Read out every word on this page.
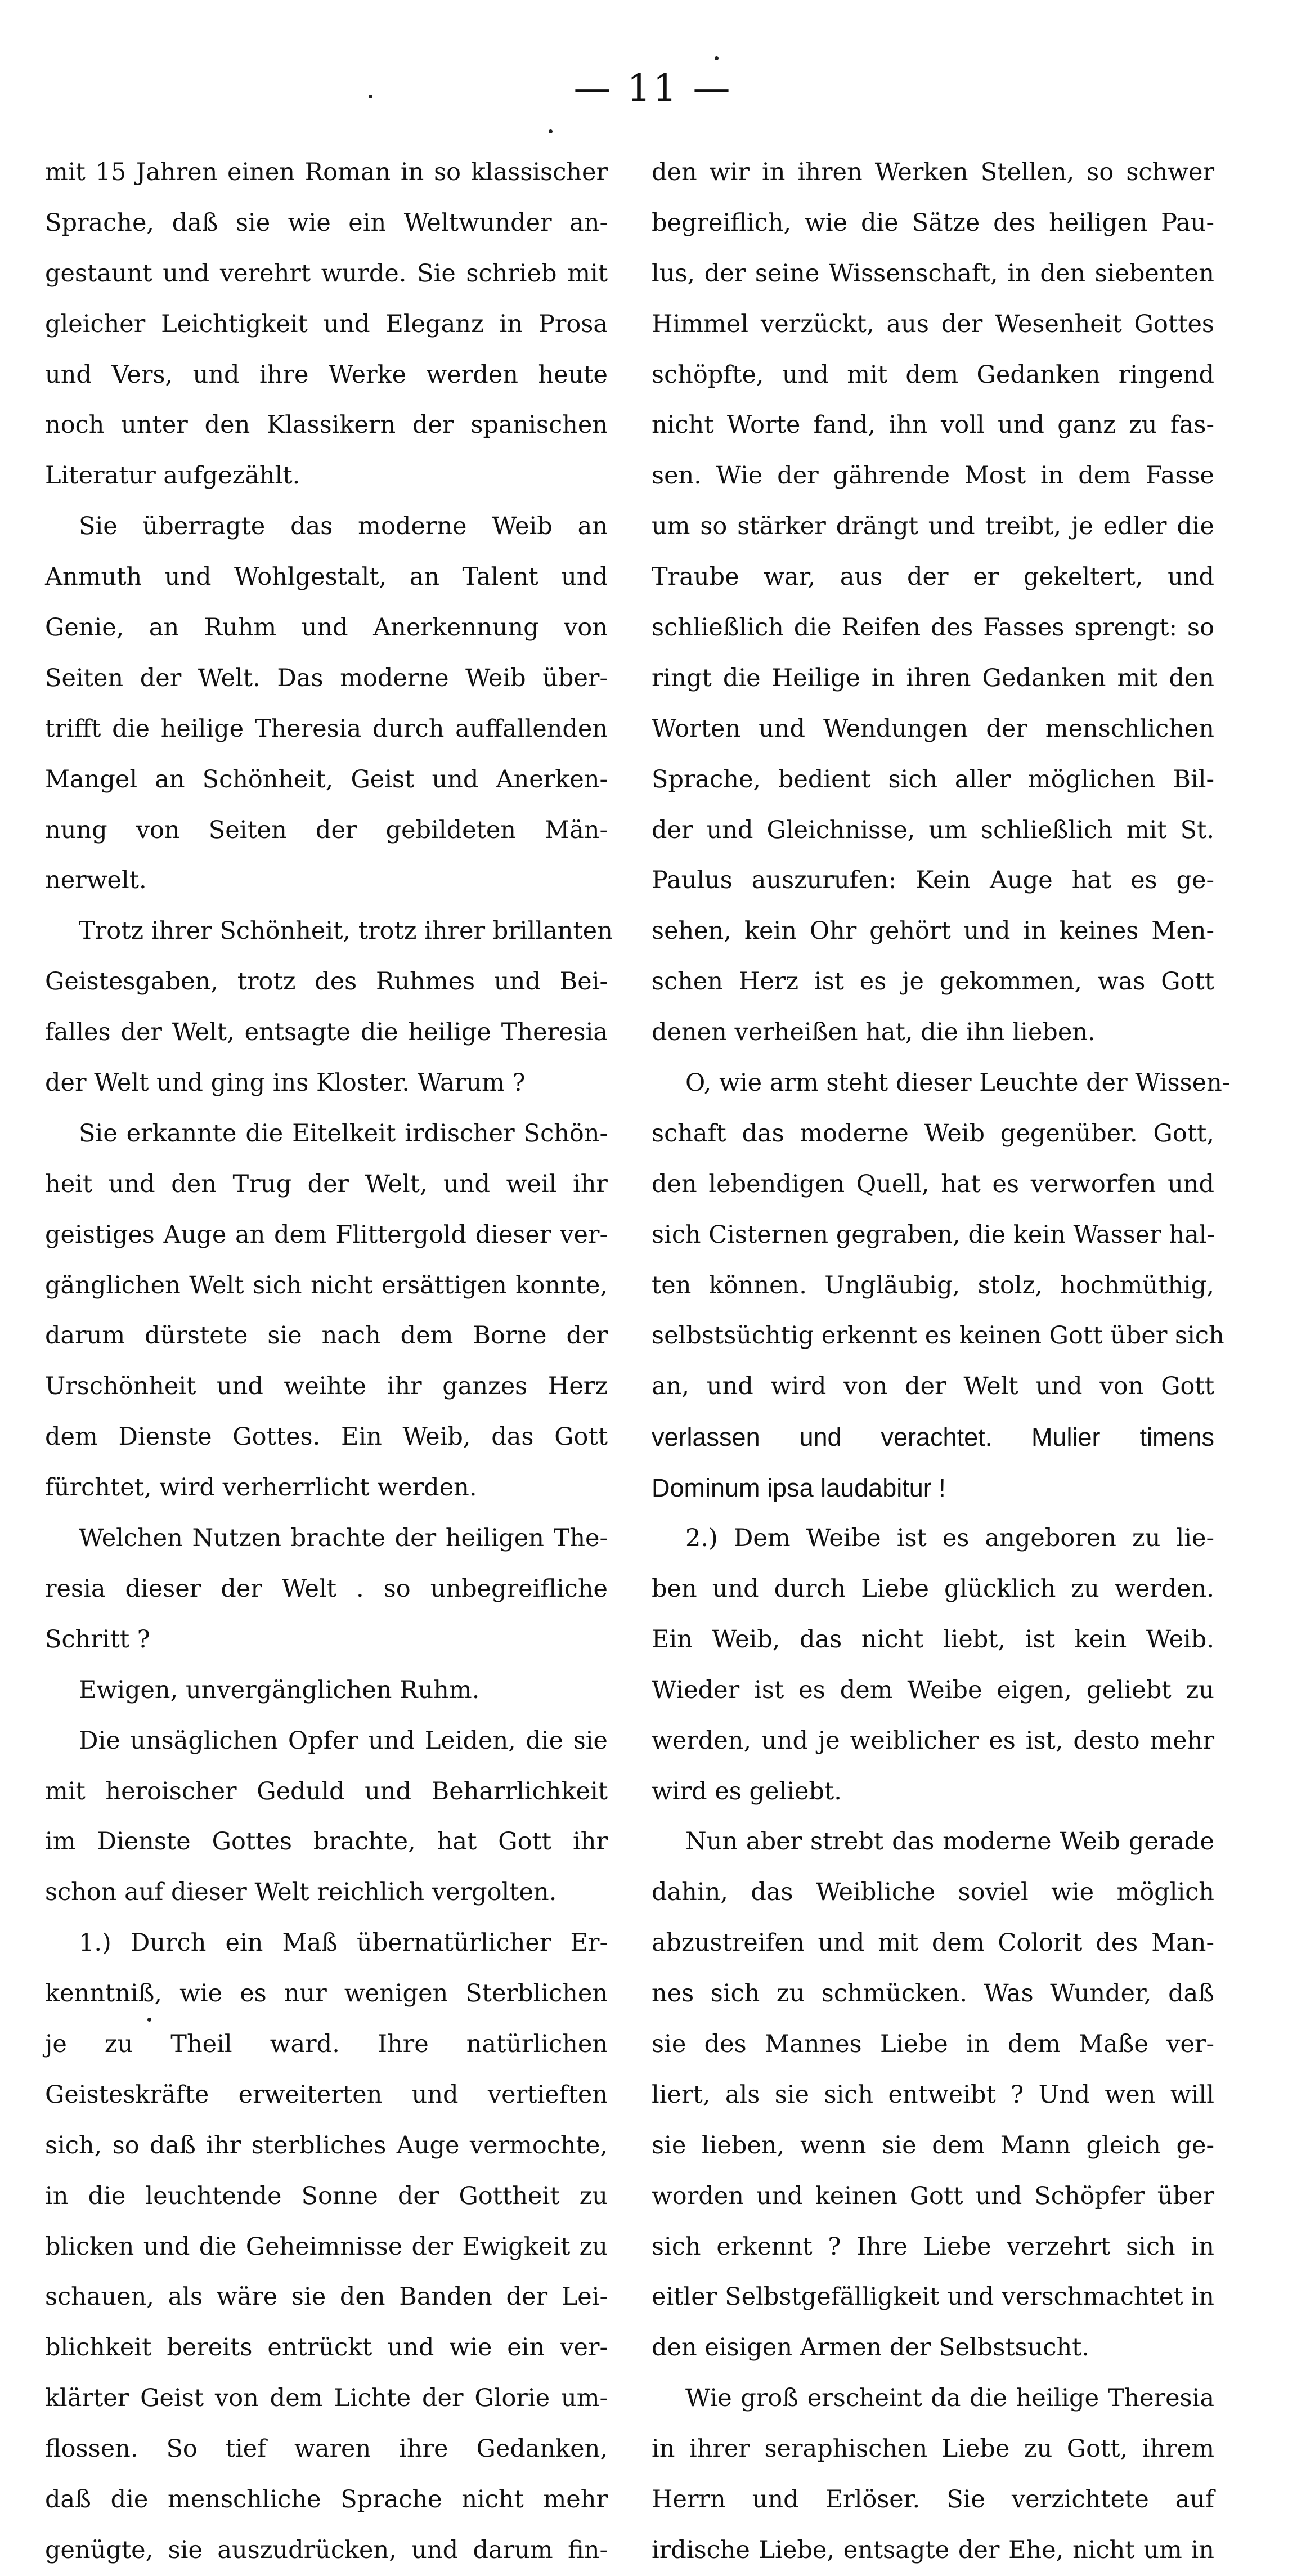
— 11 —
mit 15 Jahren einen Roman in so klassischer
Sprache, daß sie wie ein Weltwunder an-
gestaunt und verehrt wurde. Sie schrieb mit
gleicher Leichtigkeit und Eleganz in Prosa
und Vers, und ihre Werke werden heute
noch unter den Klassikern der spanischen
Literatur aufgezählt.
Sie überragte das moderne Weib an
Anmuth und Wohlgestalt, an Talent und
Genie, an Ruhm und Anerkennung von
Seiten der Welt. Das moderne Weib über-
trifft die heilige Theresia durch auffallenden
Mangel an Schönheit, Geist und Anerken-
nung von Seiten der gebildeten Män-
nerwelt.
Trotz ihrer Schönheit, trotz ihrer brillanten
Geistesgaben, trotz des Ruhmes und Bei-
falles der Welt, entsagte die heilige Theresia
der Welt und ging ins Kloster. Warum ?
Sie erkannte die Eitelkeit irdischer Schön-
heit und den Trug der Welt, und weil ihr
geistiges Auge an dem Flittergold dieser ver-
gänglichen Welt sich nicht ersättigen konnte,
darum dürstete sie nach dem Borne der
Urschönheit und weihte ihr ganzes Herz
dem Dienste Gottes. Ein Weib, das Gott
fürchtet, wird verherrlicht werden.
Welchen Nutzen brachte der heiligen The-
resia dieser der Welt . so unbegreifliche
Schritt ?
Ewigen, unvergänglichen Ruhm.
Die unsäglichen Opfer und Leiden, die sie
mit heroischer Geduld und Beharrlichkeit
im Dienste Gottes brachte, hat Gott ihr
schon auf dieser Welt reichlich vergolten.
1.) Durch ein Maß übernatürlicher Er-
kenntniß, wie es nur wenigen Sterblichen
je zu Theil ward. Ihre natürlichen
Geisteskräfte erweiterten und vertieften
sich, so daß ihr sterbliches Auge vermochte,
in die leuchtende Sonne der Gottheit zu
blicken und die Geheimnisse der Ewigkeit zu
schauen, als wäre sie den Banden der Lei-
blichkeit bereits entrückt und wie ein ver-
klärter Geist von dem Lichte der Glorie um-
flossen. So tief waren ihre Gedanken,
daß die menschliche Sprache nicht mehr
genügte, sie auszudrücken, und darum fin-
den wir in ihren Werken Stellen, so schwer
begreiflich, wie die Sätze des heiligen Pau-
lus, der seine Wissenschaft, in den siebenten
Himmel verzückt, aus der Wesenheit Gottes
schöpfte, und mit dem Gedanken ringend
nicht Worte fand, ihn voll und ganz zu fas-
sen. Wie der gährende Most in dem Fasse
um so stärker drängt und treibt, je edler die
Traube war, aus der er gekeltert, und
schließlich die Reifen des Fasses sprengt: so
ringt die Heilige in ihren Gedanken mit den
Worten und Wendungen der menschlichen
Sprache, bedient sich aller möglichen Bil-
der und Gleichnisse, um schließlich mit St.
Paulus auszurufen: Kein Auge hat es ge-
sehen, kein Ohr gehört und in keines Men-
schen Herz ist es je gekommen, was Gott
denen verheißen hat, die ihn lieben.
O, wie arm steht dieser Leuchte der Wissen-
schaft das moderne Weib gegenüber. Gott,
den lebendigen Quell, hat es verworfen und
sich Cisternen gegraben, die kein Wasser hal-
ten können. Ungläubig, stolz, hochmüthig,
selbstsüchtig erkennt es keinen Gott über sich
an, und wird von der Welt und von Gott
verlassen und verachtet. Mulier timens
Dominum ipsa laudabitur !
2.) Dem Weibe ist es angeboren zu lie-
ben und durch Liebe glücklich zu werden.
Ein Weib, das nicht liebt, ist kein Weib.
Wieder ist es dem Weibe eigen, geliebt zu
werden, und je weiblicher es ist, desto mehr
wird es geliebt.
Nun aber strebt das moderne Weib gerade
dahin, das Weibliche soviel wie möglich
abzustreifen und mit dem Colorit des Man-
nes sich zu schmücken. Was Wunder, daß
sie des Mannes Liebe in dem Maße ver-
liert, als sie sich entweibt ? Und wen will
sie lieben, wenn sie dem Mann gleich ge-
worden und keinen Gott und Schöpfer über
sich erkennt ? Ihre Liebe verzehrt sich in
eitler Selbstgefälligkeit und verschmachtet in
den eisigen Armen der Selbstsucht.
Wie groß erscheint da die heilige Theresia
in ihrer seraphischen Liebe zu Gott, ihrem
Herrn und Erlöser. Sie verzichtete auf
irdische Liebe, entsagte der Ehe, nicht um in
